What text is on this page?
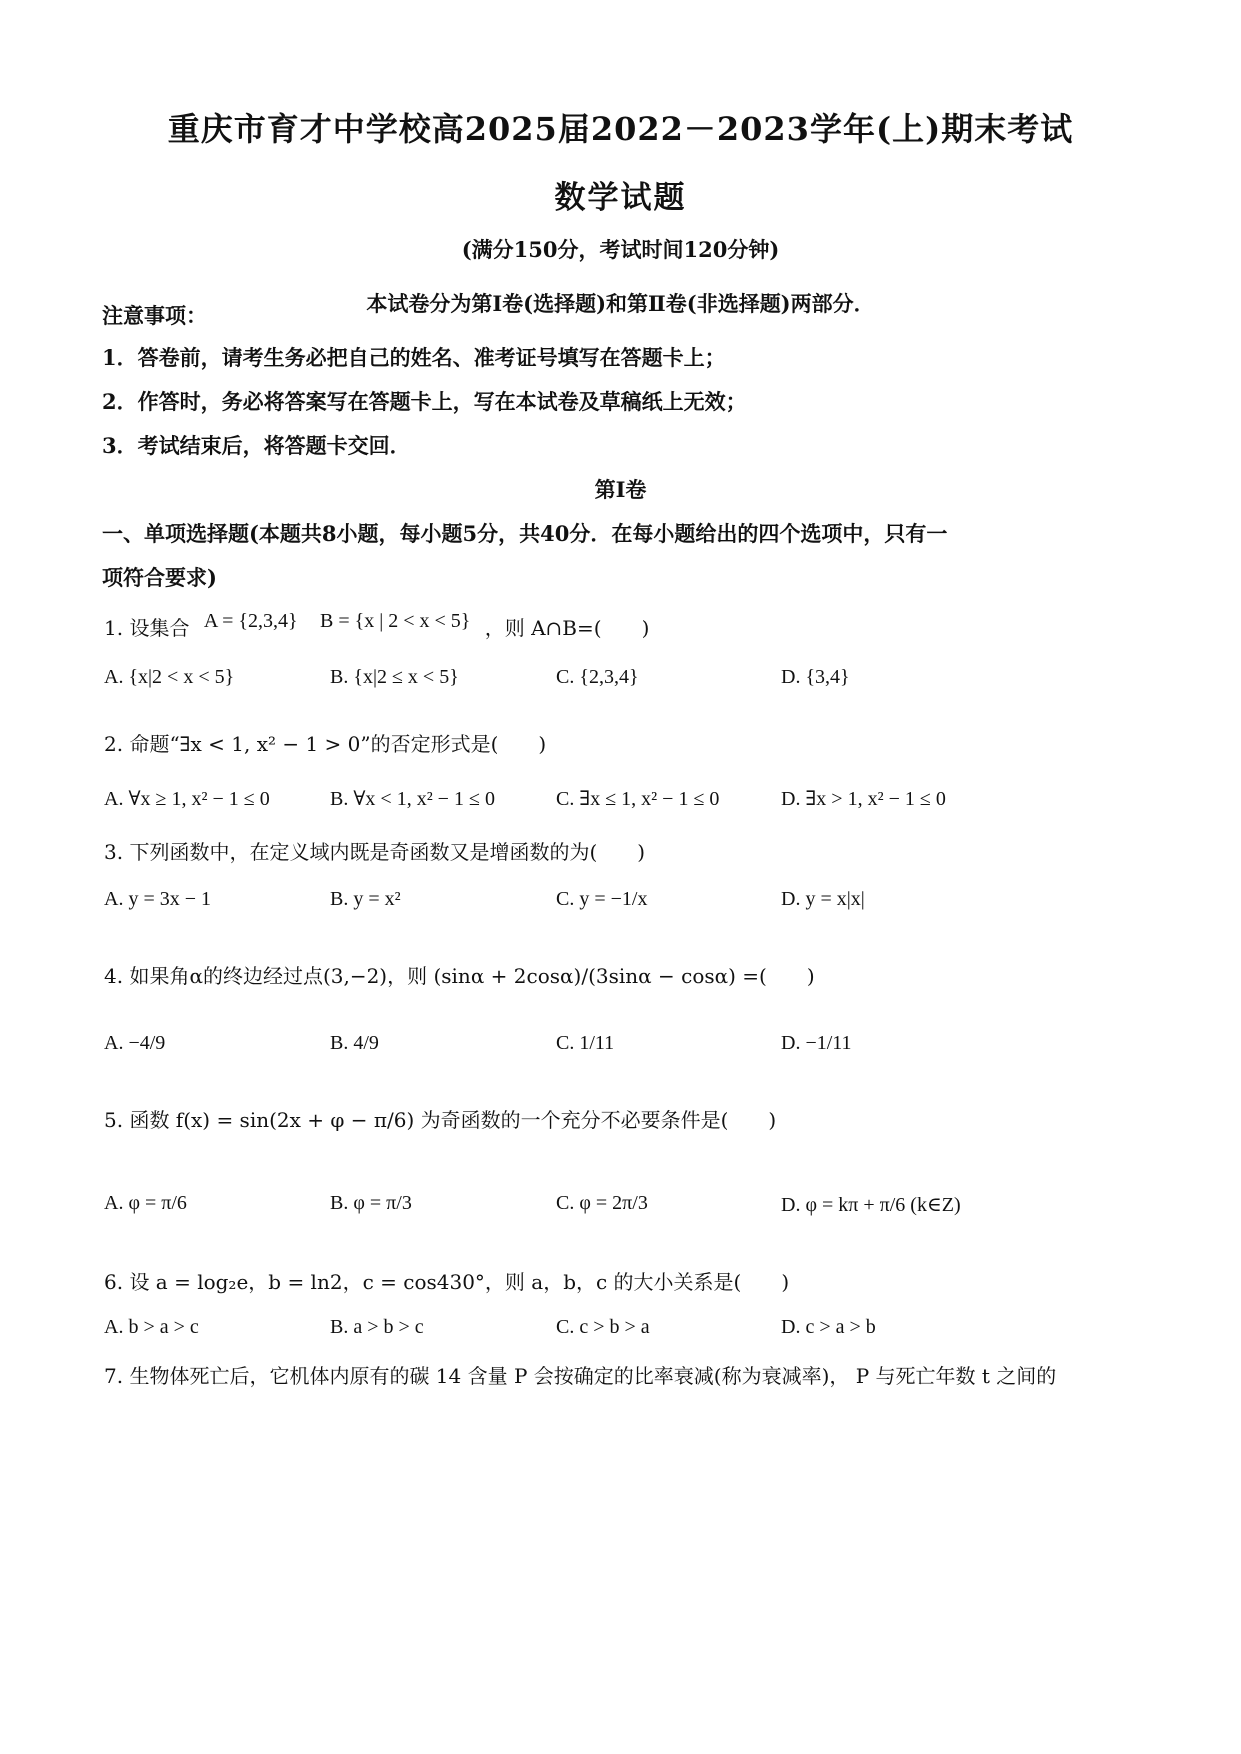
重庆市育才中学校高2025届2022－2023学年(上)期末考试
数学试题
(满分150分，考试时间120分钟)
本试卷分为第Ⅰ卷(选择题)和第Ⅱ卷(非选择题)两部分．
注意事项：
1．答卷前，请考生务必把自己的姓名、准考证号填写在答题卡上；
2．作答时，务必将答案写在答题卡上，写在本试卷及草稿纸上无效；
3．考试结束后，将答题卡交回．
第Ⅰ卷
一、单项选择题(本题共8小题，每小题5分，共40分．在每小题给出的四个选项中，只有一
项符合要求)
1. 设集合 A = {2,3,4} B = {x | 2 < x < 5} ，则 A∩B=(　　)
A. {x|2 < x < 5}	B. {x|2 ≤ x < 5}	C. {2,3,4}	D. {3,4}
2. 命题“∃x < 1, x² − 1 > 0”的否定形式是(　　)
A. ∀x ≥ 1, x² − 1 ≤ 0	B. ∀x < 1, x² − 1 ≤ 0	C. ∃x ≤ 1, x² − 1 ≤ 0	D. ∃x > 1, x² − 1 ≤ 0
3. 下列函数中，在定义域内既是奇函数又是增函数的为(　　)
A. y = 3x − 1	B. y = x²	C. y = −1/x	D. y = x|x|
4. 如果角α的终边经过点(3,−2)，则 (sinα + 2cosα)/(3sinα − cosα) =(　　)
A. −4/9	B. 4/9	C. 1/11	D. −1/11
5. 函数 f(x) = sin(2x + φ − π/6) 为奇函数的一个充分不必要条件是(　　)
A. φ = π/6	B. φ = π/3	C. φ = 2π/3	D. φ = kπ + π/6 (k∈Z)
6. 设 a = log₂e，b = ln2，c = cos430°，则 a，b，c 的大小关系是(　　)
A. b > a > c	B. a > b > c	C. c > b > a	D. c > a > b
7. 生物体死亡后，它机体内原有的碳 14 含量 P 会按确定的比率衰减(称为衰减率)， P 与死亡年数 t 之间的
